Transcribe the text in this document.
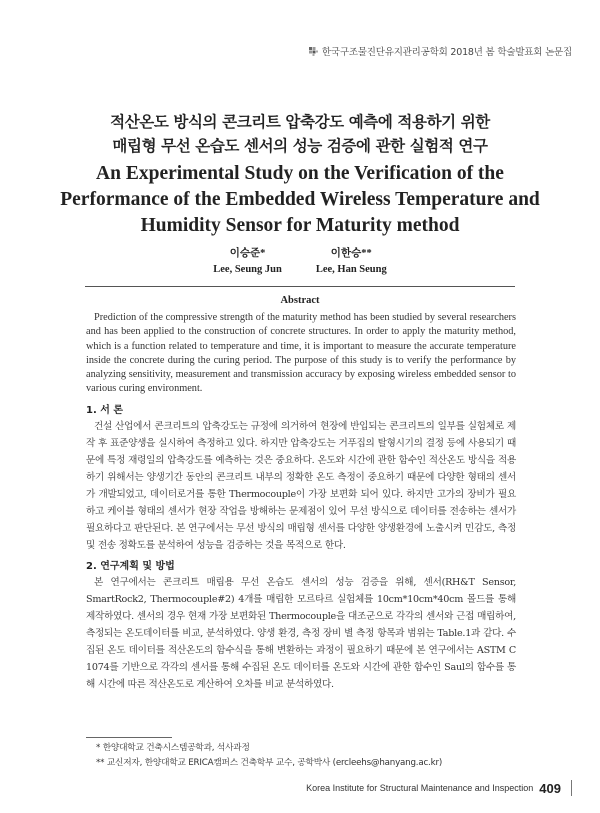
한국구조물진단유지관리공학회 2018년 봄 학술발표회 논문집
적산온도 방식의 콘크리트 압축강도 예측에 적용하기 위한
매립형 무선 온습도 센서의 성능 검증에 관한 실험적 연구
An Experimental Study on the Verification of the
Performance of the Embedded Wireless Temperature and
Humidity Sensor for Maturity method
이승준*
Lee, Seung Jun
이한승**
Lee, Han Seung
Abstract
Prediction of the compressive strength of the maturity method has been studied by several researchers and has been applied to the construction of concrete structures. In order to apply the maturity method, which is a function related to temperature and time, it is important to measure the accurate temperature inside the concrete during the curing period. The purpose of this study is to verify the performance by analyzing sensitivity, measurement and transmission accuracy by exposing wireless embedded sensor to various curing environment.
1. 서 론
건설 산업에서 콘크리트의 압축강도는 규정에 의거하여 현장에 반입되는 콘크리트의 일부를 실험체로 제작 후 표준양생을 실시하여 측정하고 있다. 하지만 압축강도는 거푸집의 탈형시기의 결정 등에 사용되기 때문에 특정 재령일의 압축강도를 예측하는 것은 중요하다. 온도와 시간에 관한 함수인 적산온도 방식을 적용하기 위해서는 양생기간 동안의 콘크리트 내부의 정확한 온도 측정이 중요하기 때문에 다양한 형태의 센서가 개발되었고, 데이터로거를 통한 Thermocouple이 가장 보편화 되어 있다. 하지만 고가의 장비가 필요하고 케이블 형태의 센서가 현장 작업을 방해하는 문제점이 있어 무선 방식으로 데이터를 전송하는 센서가 필요하다고 판단된다. 본 연구에서는 무선 방식의 매립형 센서를 다양한 양생환경에 노출시켜 민감도, 측정 및 전송 정확도를 분석하여 성능을 검증하는 것을 목적으로 한다.
2. 연구계획 및 방법
본 연구에서는 콘크리트 매립용 무선 온습도 센서의 성능 검증을 위해, 센서(RH&T Sensor, SmartRock2, Thermocouple#2) 4개를 매립한 모르타르 실험체를 10cm*10cm*40cm 몰드를 통해 제작하였다. 센서의 경우 현재 가장 보편화된 Thermocouple을 대조군으로 각각의 센서와 근접 매립하여, 측정되는 온도데이터를 비교, 분석하였다. 양생 환경, 측정 장비 별 측정 항목과 범위는 Table.1과 같다. 수집된 온도 데이터를 적산온도의 함수식을 통해 변환하는 과정이 필요하기 때문에 본 연구에서는 ASTM C 1074를 기반으로 각각의 센서를 통해 수집된 온도 데이터를 온도와 시간에 관한 함수인 Saul의 함수를 통해 시간에 따른 적산온도로 계산하여 오차를 비교 분석하였다.
* 한양대학교 건축시스템공학과, 석사과정
** 교신저자, 한양대학교 ERICA캠퍼스 건축학부 교수, 공학박사 (ercleehs@hanyang.ac.kr)
Korea Institute for Structural Maintenance and Inspection 409
